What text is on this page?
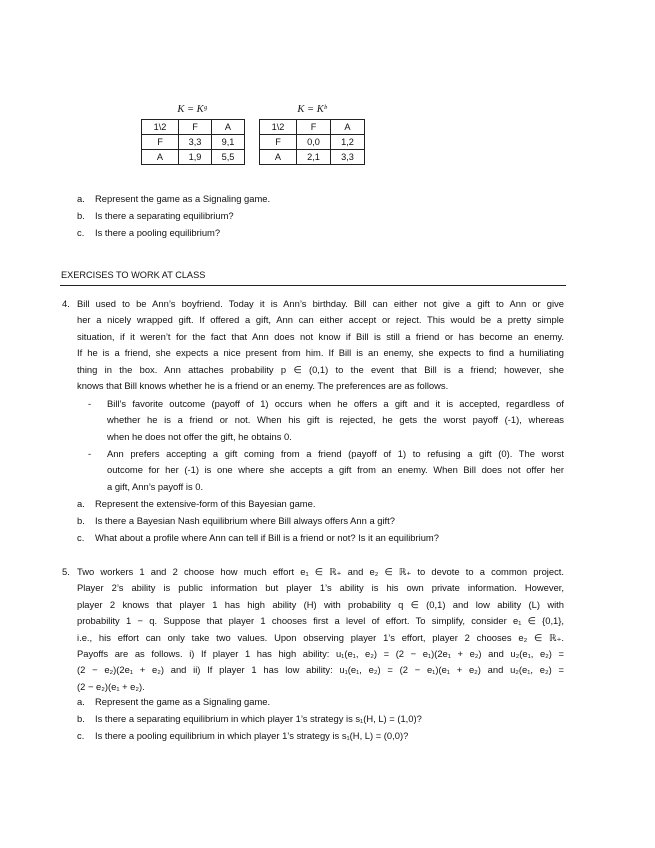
K = Kᵍ	K = Kᵇ
1\2	F	A
F	3,3	9,1
A	1,9	5,5
1\2	F	A
F	0,0	1,2
A	2,1	3,3
a. Represent the game as a Signaling game.
b. Is there a separating equilibrium?
c. Is there a pooling equilibrium?
EXERCISES TO WORK AT CLASS
4. Bill used to be Ann’s boyfriend. Today it is Ann’s birthday. Bill can either not give a gift to Ann or give
her a nicely wrapped gift. If offered a gift, Ann can either accept or reject. This would be a pretty simple
situation, if it weren’t for the fact that Ann does not know if Bill is still a friend or has become an enemy.
If he is a friend, she expects a nice present from him. If Bill is an enemy, she expects to find a humiliating
thing in the box. Ann attaches probability p ∈ (0,1) to the event that Bill is a friend; however, she
knows that Bill knows whether he is a friend or an enemy. The preferences are as follows.
- Bill’s favorite outcome (payoff of 1) occurs when he offers a gift and it is accepted, regardless of
whether he is a friend or not. When his gift is rejected, he gets the worst payoff (-1), whereas
when he does not offer the gift, he obtains 0.
- Ann prefers accepting a gift coming from a friend (payoff of 1) to refusing a gift (0). The worst
outcome for her (-1) is one where she accepts a gift from an enemy. When Bill does not offer her
a gift, Ann’s payoff is 0.
a. Represent the extensive-form of this Bayesian game.
b. Is there a Bayesian Nash equilibrium where Bill always offers Ann a gift?
c. What about a profile where Ann can tell if Bill is a friend or not? Is it an equilibrium?
5. Two workers 1 and 2 choose how much effort e₁ ∈ ℝ₊ and e₂ ∈ ℝ₊ to devote to a common project.
Player 2’s ability is public information but player 1’s ability is his own private information. However,
player 2 knows that player 1 has high ability (H) with probability q ∈ (0,1) and low ability (L) with
probability 1 − q. Suppose that player 1 chooses first a level of effort. To simplify, consider e₁ ∈ {0,1},
i.e., his effort can only take two values. Upon observing player 1’s effort, player 2 chooses e₂ ∈ ℝ₊.
Payoffs are as follows. i) If player 1 has high ability: u₁(e₁, e₂) = (2 − e₁)(2e₁ + e₂) and u₂(e₁, e₂) =
(2 − e₂)(2e₁ + e₂) and ii) If player 1 has low ability: u₁(e₁, e₂) = (2 − e₁)(e₁ + e₂) and u₂(e₁, e₂) =
(2 − e₂)(e₁ + e₂).
a. Represent the game as a Signaling game.
b. Is there a separating equilibrium in which player 1’s strategy is s₁(H, L) = (1,0)?
c. Is there a pooling equilibrium in which player 1’s strategy is s₁(H, L) = (0,0)?
